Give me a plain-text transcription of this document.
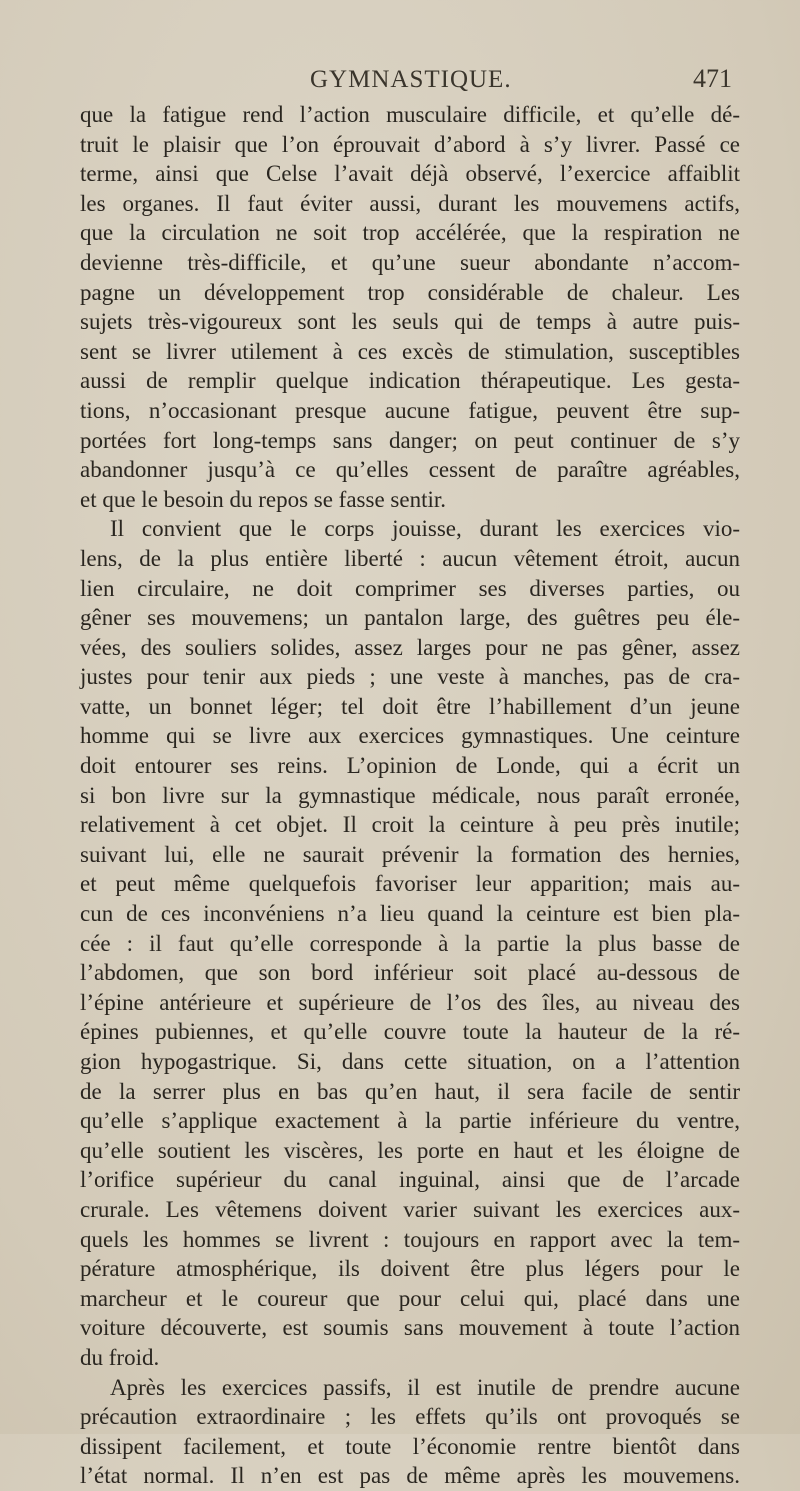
GYMNASTIQUE.	471
que la fatigue rend l’action musculaire difficile, et qu’elle dé-
truit le plaisir que l’on éprouvait d’abord à s’y livrer. Passé ce
terme, ainsi que Celse l’avait déjà observé, l’exercice affaiblit
les organes. Il faut éviter aussi, durant les mouvemens actifs,
que la circulation ne soit trop accélérée, que la respiration ne
devienne très-difficile, et qu’une sueur abondante n’accom-
pagne un développement trop considérable de chaleur. Les
sujets très-vigoureux sont les seuls qui de temps à autre puis-
sent se livrer utilement à ces excès de stimulation, susceptibles
aussi de remplir quelque indication thérapeutique. Les gesta-
tions, n’occasionant presque aucune fatigue, peuvent être sup-
portées fort long-temps sans danger; on peut continuer de s’y
abandonner jusqu’à ce qu’elles cessent de paraître agréables,
et que le besoin du repos se fasse sentir.
Il convient que le corps jouisse, durant les exercices vio-
lens, de la plus entière liberté : aucun vêtement étroit, aucun
lien circulaire, ne doit comprimer ses diverses parties, ou
gêner ses mouvemens; un pantalon large, des guêtres peu éle-
vées, des souliers solides, assez larges pour ne pas gêner, assez
justes pour tenir aux pieds ; une veste à manches, pas de cra-
vatte, un bonnet léger; tel doit être l’habillement d’un jeune
homme qui se livre aux exercices gymnastiques. Une ceinture
doit entourer ses reins. L’opinion de Londe, qui a écrit un
si bon livre sur la gymnastique médicale, nous paraît erronée,
relativement à cet objet. Il croit la ceinture à peu près inutile;
suivant lui, elle ne saurait prévenir la formation des hernies,
et peut même quelquefois favoriser leur apparition; mais au-
cun de ces inconvéniens n’a lieu quand la ceinture est bien pla-
cée : il faut qu’elle corresponde à la partie la plus basse de
l’abdomen, que son bord inférieur soit placé au-dessous de
l’épine antérieure et supérieure de l’os des îles, au niveau des
épines pubiennes, et qu’elle couvre toute la hauteur de la ré-
gion hypogastrique. Si, dans cette situation, on a l’attention
de la serrer plus en bas qu’en haut, il sera facile de sentir
qu’elle s’applique exactement à la partie inférieure du ventre,
qu’elle soutient les viscères, les porte en haut et les éloigne de
l’orifice supérieur du canal inguinal, ainsi que de l’arcade
crurale. Les vêtemens doivent varier suivant les exercices aux-
quels les hommes se livrent : toujours en rapport avec la tem-
pérature atmosphérique, ils doivent être plus légers pour le
marcheur et le coureur que pour celui qui, placé dans une
voiture découverte, est soumis sans mouvement à toute l’action
du froid.
Après les exercices passifs, il est inutile de prendre aucune
précaution extraordinaire ; les effets qu’ils ont provoqués se
dissipent facilement, et toute l’économie rentre bientôt dans
l’état normal. Il n’en est pas de même après les mouvemens.
